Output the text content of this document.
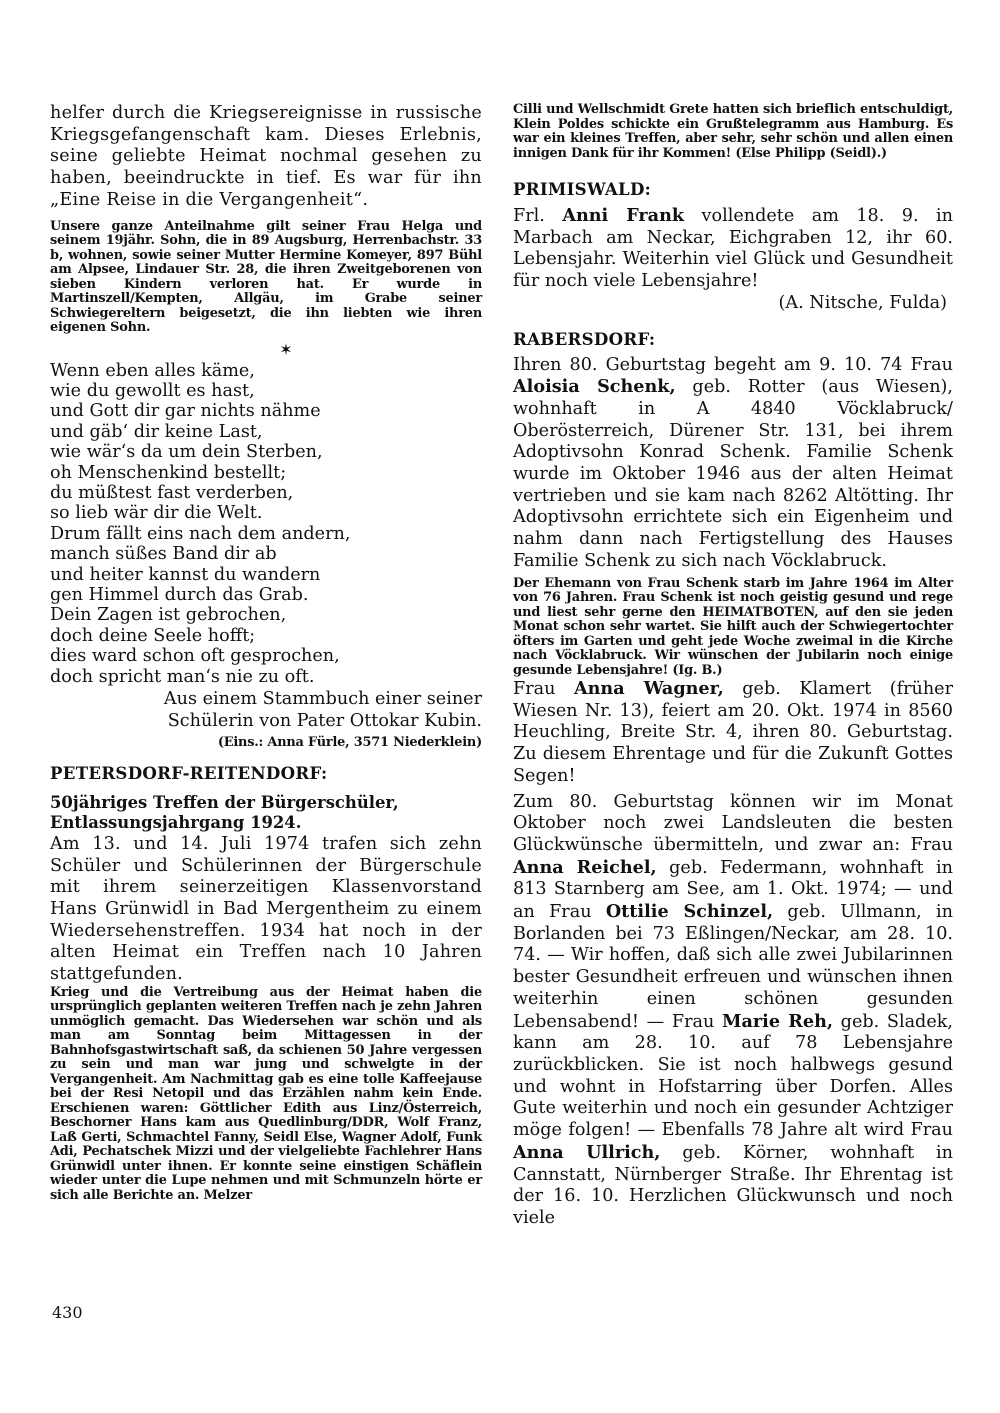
helfer durch die Kriegsereignisse in russische Kriegsgefangenschaft kam. Dieses Erlebnis, seine geliebte Heimat nochmal gesehen zu haben, beeindruckte in tief. Es war für ihn „Eine Reise in die Vergangenheit“.

Unsere ganze Anteilnahme gilt seiner Frau Helga und seinem 19jähr. Sohn, die in 89 Augsburg, Herrenbachstr. 33 b, wohnen, sowie seiner Mutter Hermine Komeyer, 897 Bühl am Alpsee, Lindauer Str. 28, die ihren Zweitgeborenen von sieben Kindern verloren hat. Er wurde in Martinszell/Kempten, Allgäu, im Grabe seiner Schwiegereltern beigesetzt, die ihn liebten wie ihren eigenen Sohn.

✶
Wenn eben alles käme,
wie du gewollt es hast,
und Gott dir gar nichts nähme
und gäb‘ dir keine Last,
wie wär‘s da um dein Sterben,
oh Menschenkind bestellt;
du müßtest fast verderben,
so lieb wär dir die Welt.
Drum fällt eins nach dem andern,
manch süßes Band dir ab
und heiter kannst du wandern
gen Himmel durch das Grab.
Dein Zagen ist gebrochen,
doch deine Seele hofft;
dies ward schon oft gesprochen,
doch spricht man‘s nie zu oft.

Aus einem Stammbuch einer seiner

Schülerin von Pater Ottokar Kubin.

(Eins.: Anna Fürle, 3571 Niederklein)

PETERSDORF-REITENDORF:

50jähriges Treffen der Bürgerschüler, Entlassungsjahrgang 1924.

Am 13. und 14. Juli 1974 trafen sich zehn Schüler und Schülerinnen der Bürgerschule mit ihrem seinerzeitigen Klassenvorstand Hans Grünwidl in Bad Mergentheim zu einem Wiedersehenstreffen. 1934 hat noch in der alten Heimat ein Treffen nach 10 Jahren stattgefunden.

Krieg und die Vertreibung aus der Heimat haben die ursprünglich geplanten weiteren Treffen nach je zehn Jahren unmöglich gemacht. Das Wiedersehen war schön und als man am Sonntag beim Mittagessen in der Bahnhofsgastwirtschaft saß, da schienen 50 Jahre vergessen zu sein und man war jung und schwelgte in der Vergangenheit. Am Nachmittag gab es eine tolle Kaffeejause bei der Resi Netopil und das Erzählen nahm kein Ende. Erschienen waren: Göttlicher Edith aus Linz/Österreich, Beschorner Hans kam aus Quedlinburg/DDR, Wolf Franz, Laß Gerti, Schmachtel Fanny, Seidl Else, Wagner Adolf, Funk Adi, Pechatschek Mizzi und der vielgeliebte Fachlehrer Hans Grünwidl unter ihnen. Er konnte seine einstigen Schäflein wieder unter die Lupe nehmen und mit Schmunzeln hörte er sich alle Berichte an. Melzer

Cilli und Wellschmidt Grete hatten sich brieflich entschuldigt, Klein Poldes schickte ein Grußtelegramm aus Hamburg. Es war ein kleines Treffen, aber sehr, sehr schön und allen einen innigen Dank für ihr Kommen! (Else Philipp (Seidl).)

PRIMISWALD:

Frl. Anni Frank vollendete am 18. 9. in Marbach am Neckar, Eichgraben 12, ihr 60. Lebensjahr. Weiterhin viel Glück und Gesundheit für noch viele Lebensjahre!

(A. Nitsche, Fulda)

RABERSDORF:

Ihren 80. Geburtstag begeht am 9. 10. 74 Frau Aloisia Schenk, geb. Rotter (aus Wiesen), wohnhaft in A 4840 Vöcklabruck/ Oberösterreich, Dürener Str. 131, bei ihrem Adoptivsohn Konrad Schenk. Familie Schenk wurde im Oktober 1946 aus der alten Heimat vertrieben und sie kam nach 8262 Altötting. Ihr Adoptivsohn errichtete sich ein Eigenheim und nahm dann nach Fertigstellung des Hauses Familie Schenk zu sich nach Vöcklabruck.

Der Ehemann von Frau Schenk starb im Jahre 1964 im Alter von 76 Jahren. Frau Schenk ist noch geistig gesund und rege und liest sehr gerne den HEIMATBOTEN, auf den sie jeden Monat schon sehr wartet. Sie hilft auch der Schwiegertochter öfters im Garten und geht jede Woche zweimal in die Kirche nach Vöcklabruck. Wir wünschen der Jubilarin noch einige gesunde Lebensjahre! (Ig. B.)

Frau Anna Wagner, geb. Klamert (früher Wiesen Nr. 13), feiert am 20. Okt. 1974 in 8560 Heuchling, Breite Str. 4, ihren 80. Geburtstag. Zu diesem Ehrentage und für die Zukunft Gottes Segen!

Zum 80. Geburtstag können wir im Monat Oktober noch zwei Landsleuten die besten Glückwünsche übermitteln, und zwar an: Frau Anna Reichel, geb. Federmann, wohnhaft in 813 Starnberg am See, am 1. Okt. 1974; — und an Frau Ottilie Schinzel, geb. Ullmann, in Borlanden bei 73 Eßlingen/Neckar, am 28. 10. 74. — Wir hoffen, daß sich alle zwei Jubilarinnen bester Gesundheit erfreuen und wünschen ihnen weiterhin einen schönen gesunden Lebensabend! — Frau Marie Reh, geb. Sladek, kann am 28. 10. auf 78 Lebensjahre zurückblicken. Sie ist noch halbwegs gesund und wohnt in Hofstarring über Dorfen. Alles Gute weiterhin und noch ein gesunder Achtziger möge folgen! — Ebenfalls 78 Jahre alt wird Frau Anna Ullrich, geb. Körner, wohnhaft in Cannstatt, Nürnberger Straße. Ihr Ehrentag ist der 16. 10. Herzlichen Glückwunsch und noch viele

430
